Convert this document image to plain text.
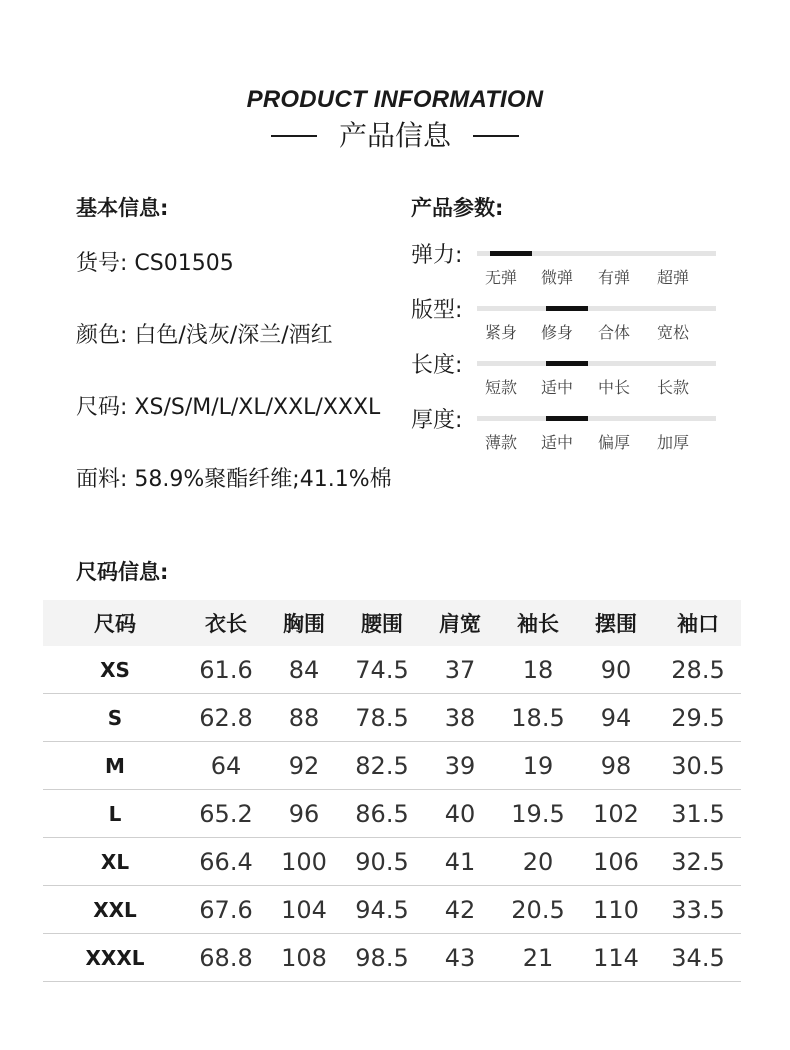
PRODUCT INFORMATION
产品信息
基本信息:
货号: CS01505
颜色: 白色/浅灰/深兰/酒红
尺码: XS/S/M/L/XL/XXL/XXXL
面料: 58.9%聚酯纤维;41.1%棉
产品参数:
弹力:
无弹	微弹	有弹	超弹
版型:
紧身	修身	合体	宽松
长度:
短款	适中	中长	长款
厚度:
薄款	适中	偏厚	加厚
尺码信息:
尺码	衣长	胸围	腰围	肩宽	袖长	摆围	袖口
XS	61.6	84	74.5	37	18	90	28.5
S	62.8	88	78.5	38	18.5	94	29.5
M	64	92	82.5	39	19	98	30.5
L	65.2	96	86.5	40	19.5	102	31.5
XL	66.4	100	90.5	41	20	106	32.5
XXL	67.6	104	94.5	42	20.5	110	33.5
XXXL	68.8	108	98.5	43	21	114	34.5
